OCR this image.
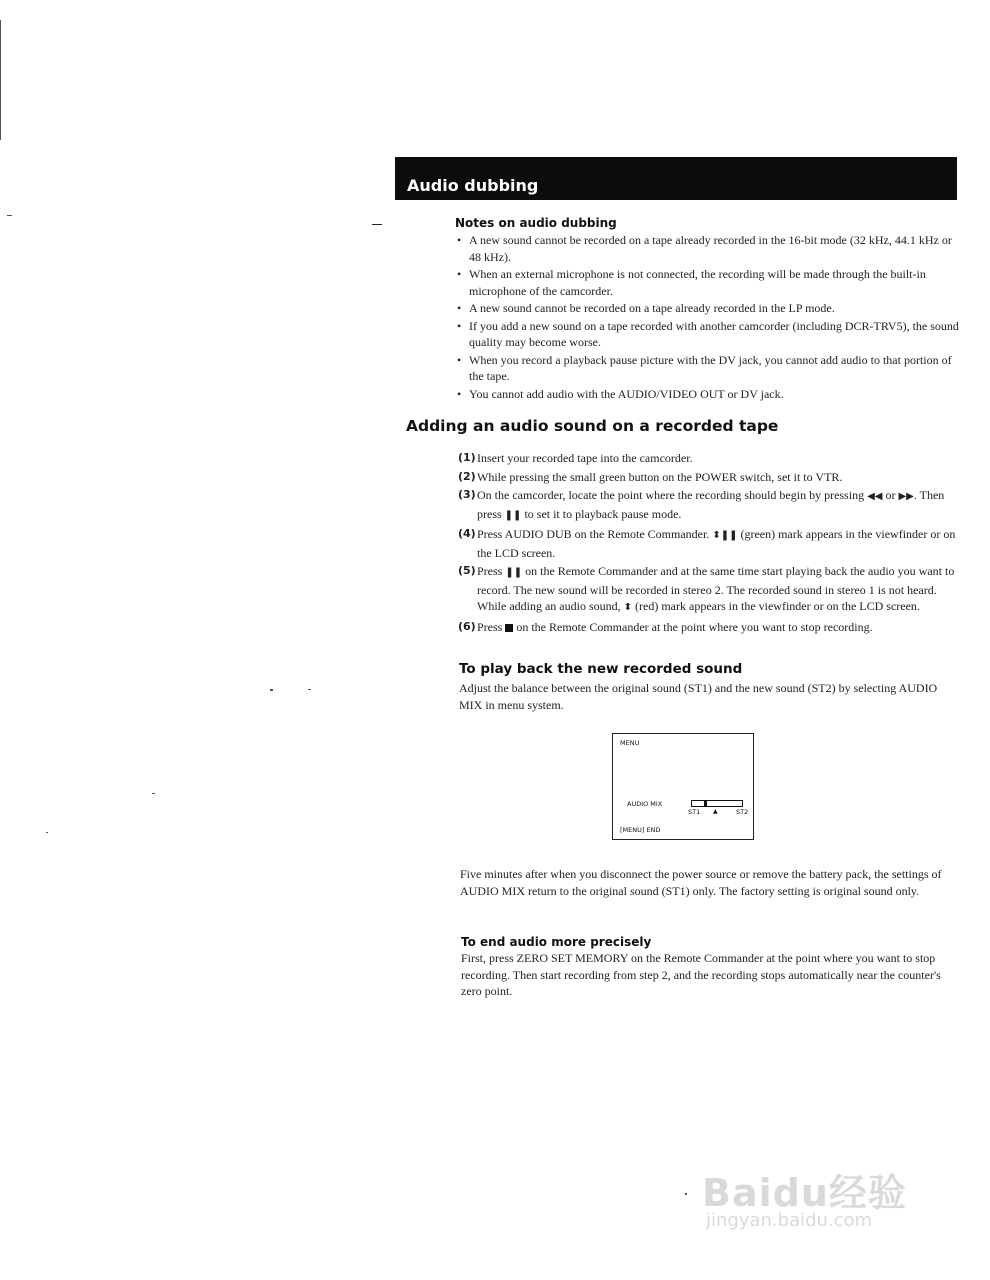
Audio dubbing
Notes on audio dubbing
• A new sound cannot be recorded on a tape already recorded in the 16-bit mode (32 kHz, 44.1 kHz or 48 kHz).
• When an external microphone is not connected, the recording will be made through the built-in microphone of the camcorder.
• A new sound cannot be recorded on a tape already recorded in the LP mode.
• If you add a new sound on a tape recorded with another camcorder (including DCR-TRV5), the sound quality may become worse.
• When you record a playback pause picture with the DV jack, you cannot add audio to that portion of the tape.
• You cannot add audio with the AUDIO/VIDEO OUT or DV jack.
Adding an audio sound on a recorded tape
(1) Insert your recorded tape into the camcorder.
(2) While pressing the small green button on the POWER switch, set it to VTR.
(3) On the camcorder, locate the point where the recording should begin by pressing ◀◀ or ▶▶. Then press ❚❚ to set it to playback pause mode.
(4) Press AUDIO DUB on the Remote Commander. ⬍❚❚ (green) mark appears in the viewfinder or on the LCD screen.
(5) Press ❚❚ on the Remote Commander and at the same time start playing back the audio you want to record. The new sound will be recorded in stereo 2. The recorded sound in stereo 1 is not heard. While adding an audio sound, ⬍ (red) mark appears in the viewfinder or on the LCD screen.
(6) Press on the Remote Commander at the point where you want to stop recording.
To play back the new recorded sound
Adjust the balance between the original sound (ST1) and the new sound (ST2) by selecting AUDIO MIX in menu system.
MENU
AUDIO MIX
ST1 ▲	ST2
[MENU] END
Five minutes after when you disconnect the power source or remove the battery pack, the settings of AUDIO MIX return to the original sound (ST1) only. The factory setting is original sound only.
To end audio more precisely
First, press ZERO SET MEMORY on the Remote Commander at the point where you want to stop recording. Then start recording from step 2, and the recording stops automatically near the counter's zero point.
Baidu经验
jingyan.baidu.com
